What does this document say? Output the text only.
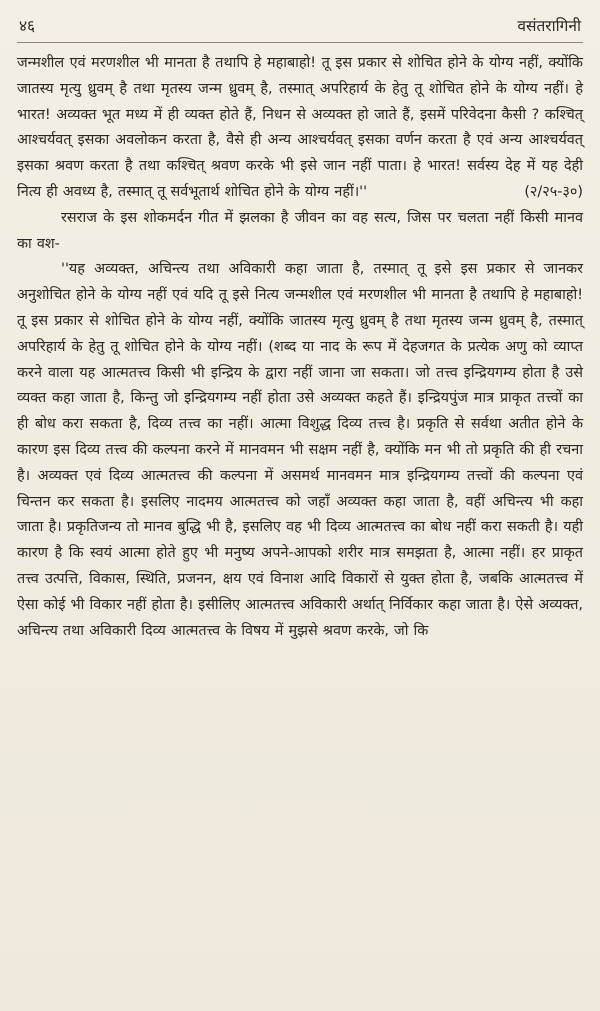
४६	वसंतरागिनी

जन्मशील एवं मरणशील भी मानता है तथापि हे महाबाहो! तू इस प्रकार से शोचित होने के योग्य नहीं, क्योंकि जातस्य मृत्यु ध्रुवम् है तथा मृतस्य जन्म ध्रुवम् है, तस्मात् अपरिहार्य के हेतु तू शोचित होने के योग्य नहीं। हे भारत! अव्यक्त भूत मध्य में ही व्यक्त होते हैं, निधन से अव्यक्त हो जाते हैं, इसमें परिवेदना कैसी ? कश्चित् आश्चर्यवत् इसका अवलोकन करता है, वैसे ही अन्य आश्चर्यवत् इसका वर्णन करता है एवं अन्य आश्चर्यवत् इसका श्रवण करता है तथा कश्चित् श्रवण करके भी इसे जान नहीं पाता। हे भारत! सर्वस्य देह में यह देही नित्य ही अवध्य है, तस्मात् तू सर्वभूतार्थ शोचित होने के योग्य नहीं।''	(२/२५-३०)

रसराज के इस शोकमर्दन गीत में झलका है जीवन का वह सत्य, जिस पर चलता नहीं किसी मानव का वश-

''यह अव्यक्त, अचिन्त्य तथा अविकारी कहा जाता है, तस्मात् तू इसे इस प्रकार से जानकर अनुशोचित होने के योग्य नहीं एवं यदि तू इसे नित्य जन्मशील एवं मरणशील भी मानता है तथापि हे महाबाहो! तू इस प्रकार से शोचित होने के योग्य नहीं, क्योंकि जातस्य मृत्यु ध्रुवम् है तथा मृतस्य जन्म ध्रुवम् है, तस्मात् अपरिहार्य के हेतु तू शोचित होने के योग्य नहीं। (शब्द या नाद के रूप में देहजगत के प्रत्येक अणु को व्याप्त करने वाला यह आत्मतत्त्व किसी भी इन्द्रिय के द्वारा नहीं जाना जा सकता। जो तत्त्व इन्द्रियगम्य होता है उसे व्यक्त कहा जाता है, किन्तु जो इन्द्रियगम्य नहीं होता उसे अव्यक्त कहते हैं। इन्द्रियपुंज मात्र प्राकृत तत्त्वों का ही बोध करा सकता है, दिव्य तत्त्व का नहीं। आत्मा विशुद्ध दिव्य तत्त्व है। प्रकृति से सर्वथा अतीत होने के कारण इस दिव्य तत्त्व की कल्पना करने में मानवमन भी सक्षम नहीं है, क्योंकि मन भी तो प्रकृति की ही रचना है। अव्यक्त एवं दिव्य आत्मतत्त्व की कल्पना में असमर्थ मानवमन मात्र इन्द्रियगम्य तत्त्वों की कल्पना एवं चिन्तन कर सकता है। इसलिए नादमय आत्मतत्त्व को जहाँ अव्यक्त कहा जाता है, वहीं अचिन्त्य भी कहा जाता है। प्रकृतिजन्य तो मानव बुद्धि भी है, इसलिए वह भी दिव्य आत्मतत्त्व का बोध नहीं करा सकती है। यही कारण है कि स्वयं आत्मा होते हुए भी मनुष्य अपने-आपको शरीर मात्र समझता है, आत्मा नहीं। हर प्राकृत तत्त्व उत्पत्ति, विकास, स्थिति, प्रजनन, क्षय एवं विनाश आदि विकारों से युक्त होता है, जबकि आत्मतत्त्व में ऐसा कोई भी विकार नहीं होता है। इसीलिए आत्मतत्त्व अविकारी अर्थात् निर्विकार कहा जाता है। ऐसे अव्यक्त, अचिन्त्य तथा अविकारी दिव्य आत्मतत्त्व के विषय में मुझसे श्रवण करके, जो कि
